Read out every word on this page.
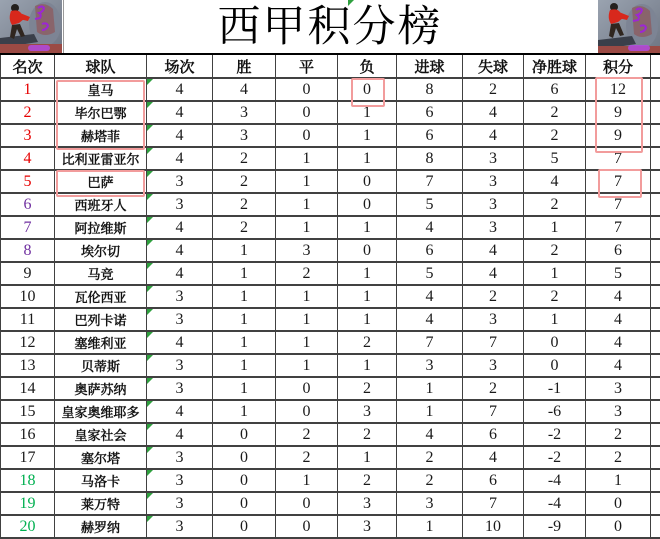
西甲积分榜
名次	球队	场次	胜	平	负	进球	失球	净胜球	积分
1	皇马	4	4	0	0	8	2	6	12
2	毕尔巴鄂	4	3	0	1	6	4	2	9
3	赫塔菲	4	3	0	1	6	4	2	9
4	比利亚雷亚尔	4	2	1	1	8	3	5	7
5	巴萨	3	2	1	0	7	3	4	7
6	西班牙人	3	2	1	0	5	3	2	7
7	阿拉维斯	4	2	1	1	4	3	1	7
8	埃尔切	4	1	3	0	6	4	2	6
9	马竞	4	1	2	1	5	4	1	5
10	瓦伦西亚	3	1	1	1	4	2	2	4
11	巴列卡诺	3	1	1	1	4	3	1	4
12	塞维利亚	4	1	1	2	7	7	0	4
13	贝蒂斯	3	1	1	1	3	3	0	4
14	奥萨苏纳	3	1	0	2	1	2	-1	3
15	皇家奥维耶多	4	1	0	3	1	7	-6	3
16	皇家社会	4	0	2	2	4	6	-2	2
17	塞尔塔	3	0	2	1	2	4	-2	2
18	马洛卡	3	0	1	2	2	6	-4	1
19	莱万特	3	0	0	3	3	7	-4	0
20	赫罗纳	3	0	0	3	1	10	-9	0
